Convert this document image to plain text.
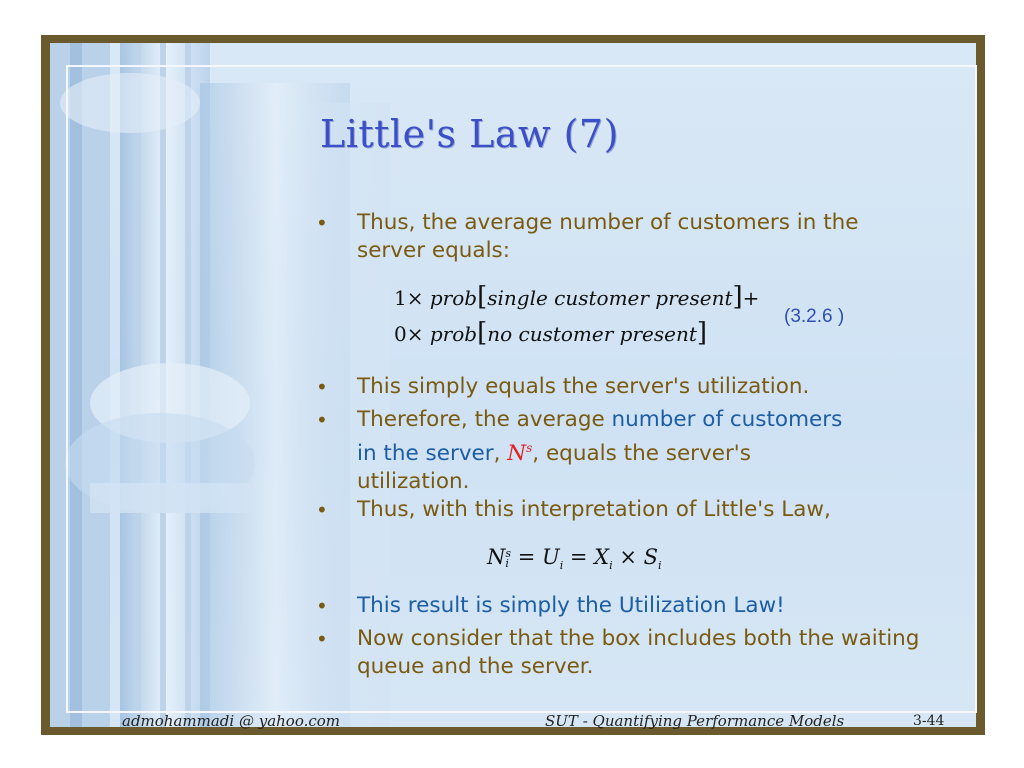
Little's Law (7)
• Thus, the average number of customers in the server equals:
1× prob[single customer present]+
0× prob[no customer present]
(3.2.6 )
• This simply equals the server's utilization.
• Therefore, the average number of customers in the server, $N^s$, equals the server's utilization.
• Thus, with this interpretation of Little's Law,
Ns
$i = U_i = X_i \times S_i$
• This result is simply the Utilization Law!
• Now consider that the box includes both the waiting queue and the server.
admohammadi @ yahoo.com	SUT - Quantifying Performance Models	3-44
